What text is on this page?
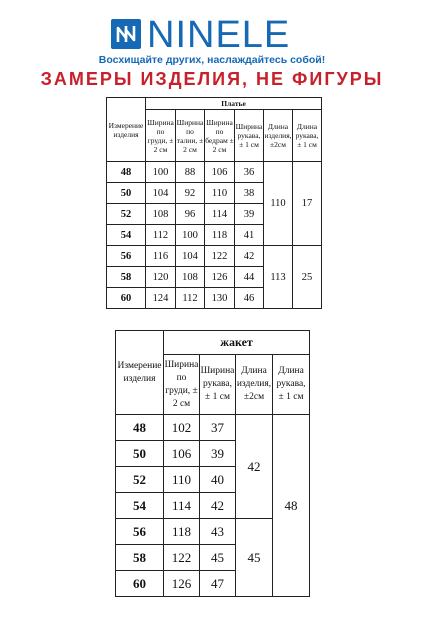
NINELE
Восхищайте других, наслаждайтесь собой!
ЗАМЕРЫ ИЗДЕЛИЯ, НЕ ФИГУРЫ
Измерение изделия	Платье					
	Ширина по груди, ± 2 см	Ширина по талии, ± 2 см	Ширина по бедрам ± 2 см	Ширина рукава, ± 1 см	Длина изделия, ±2см	Длина рукава, ± 1 см
48	100	88	106	36	110	17
50	104	92	110	38		
52	108	96	114	39		
54	112	100	118	41		
56	116	104	122	42	113	25
58	120	108	126	44		
60	124	112	130	46		
Измерение изделия	жакет			
	Ширина по груди, ± 2 см	Ширина рукава, ± 1 см	Длина изделия, ±2см	Длина рукава, ± 1 см
48	102	37	42	48
50	106	39		
52	110	40		
54	114	42		
56	118	43	45	
58	122	45		
60	126	47		
